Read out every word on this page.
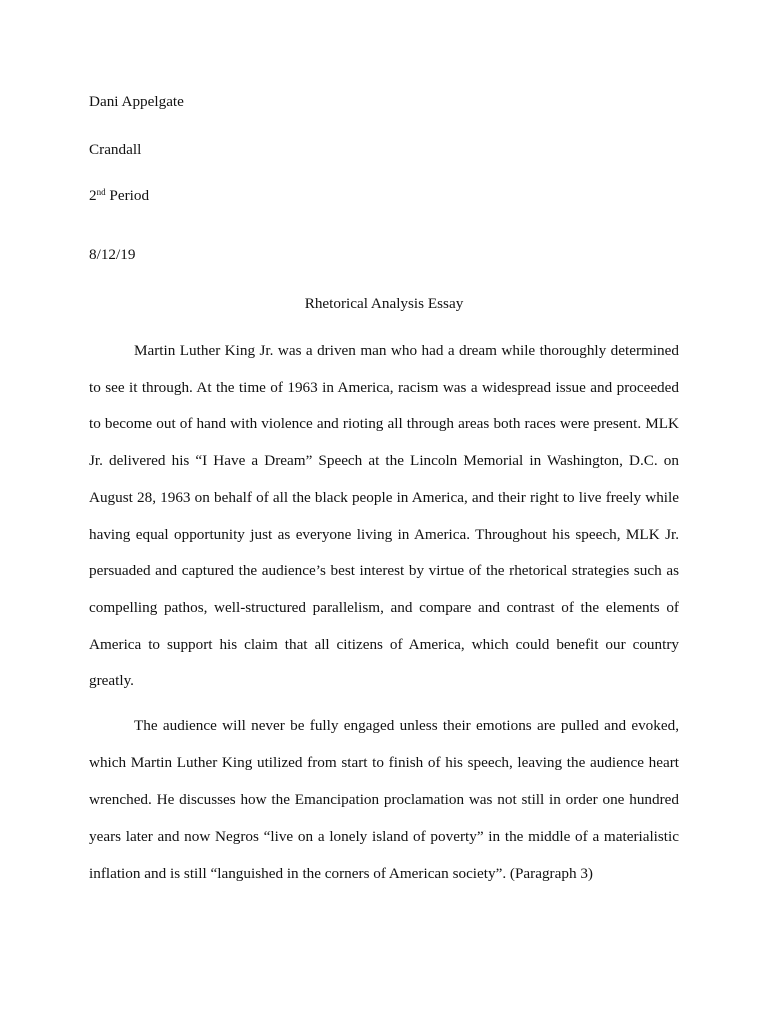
Dani Appelgate
Crandall
2nd Period
8/12/19
Rhetorical Analysis Essay
Martin Luther King Jr. was a driven man who had a dream while thoroughly determined
to see it through. At the time of 1963 in America, racism was a widespread issue and proceeded
to become out of hand with violence and rioting all through areas both races were present. MLK
Jr. delivered his “I Have a Dream” Speech at the Lincoln Memorial in Washington, D.C. on
August 28, 1963 on behalf of all the black people in America, and their right to live freely while
having equal opportunity just as everyone living in America. Throughout his speech, MLK Jr.
persuaded and captured the audience’s best interest by virtue of the rhetorical strategies such as
compelling pathos, well-structured parallelism, and compare and contrast of the elements of
America to support his claim that all citizens of America, which could benefit our country
greatly.
The audience will never be fully engaged unless their emotions are pulled and evoked,
which Martin Luther King utilized from start to finish of his speech, leaving the audience heart
wrenched. He discusses how the Emancipation proclamation was not still in order one hundred
years later and now Negros “live on a lonely island of poverty” in the middle of a materialistic
inflation and is still “languished in the corners of American society”. (Paragraph 3)
